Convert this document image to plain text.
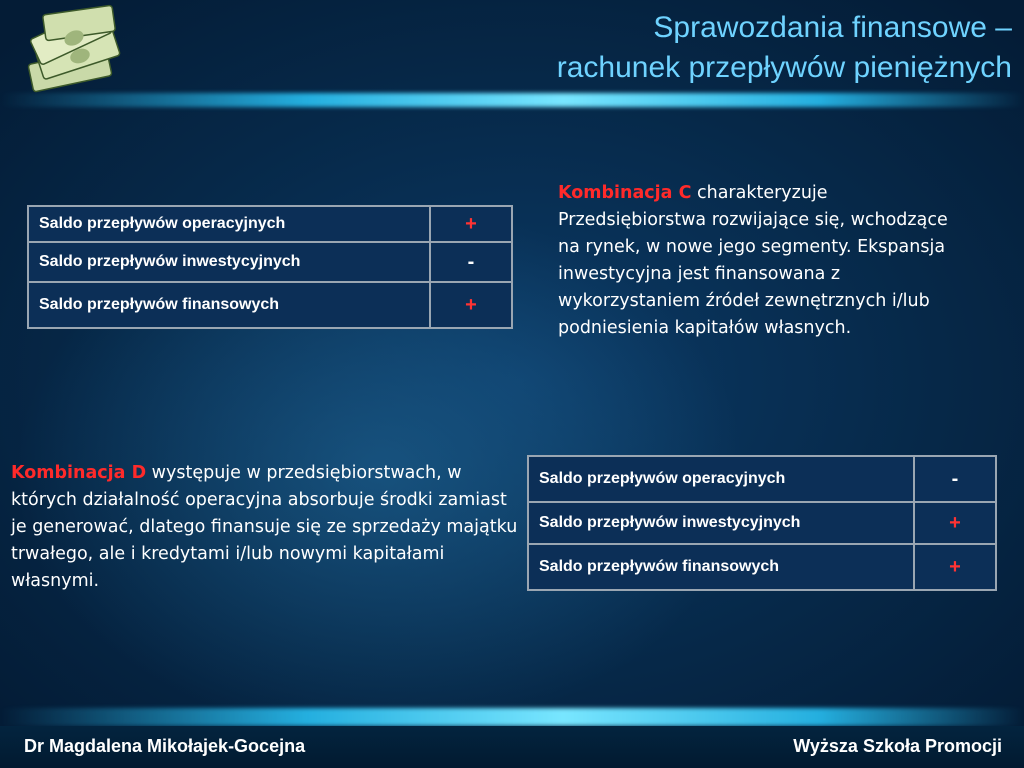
Sprawozdania finansowe –
rachunek przepływów pieniężnych
Saldo przepływów operacyjnych	+
Saldo przepływów inwestycyjnych	-
Saldo przepływów finansowych	+
Kombinacja C charakteryzuje Przedsiębiorstwa rozwijające się, wchodzące na rynek, w nowe jego segmenty. Ekspansja inwestycyjna jest finansowana z wykorzystaniem źródeł zewnętrznych i/lub podniesienia kapitałów własnych.
Kombinacja D występuje w przedsiębiorstwach, w których działalność operacyjna absorbuje środki zamiast je generować, dlatego finansuje się ze sprzedaży majątku trwałego, ale i kredytami i/lub nowymi kapitałami własnymi.
Saldo przepływów operacyjnych	-
Saldo przepływów inwestycyjnych	+
Saldo przepływów finansowych	+
Dr Magdalena Mikołajek-Gocejna	Wyższa Szkoła Promocji
